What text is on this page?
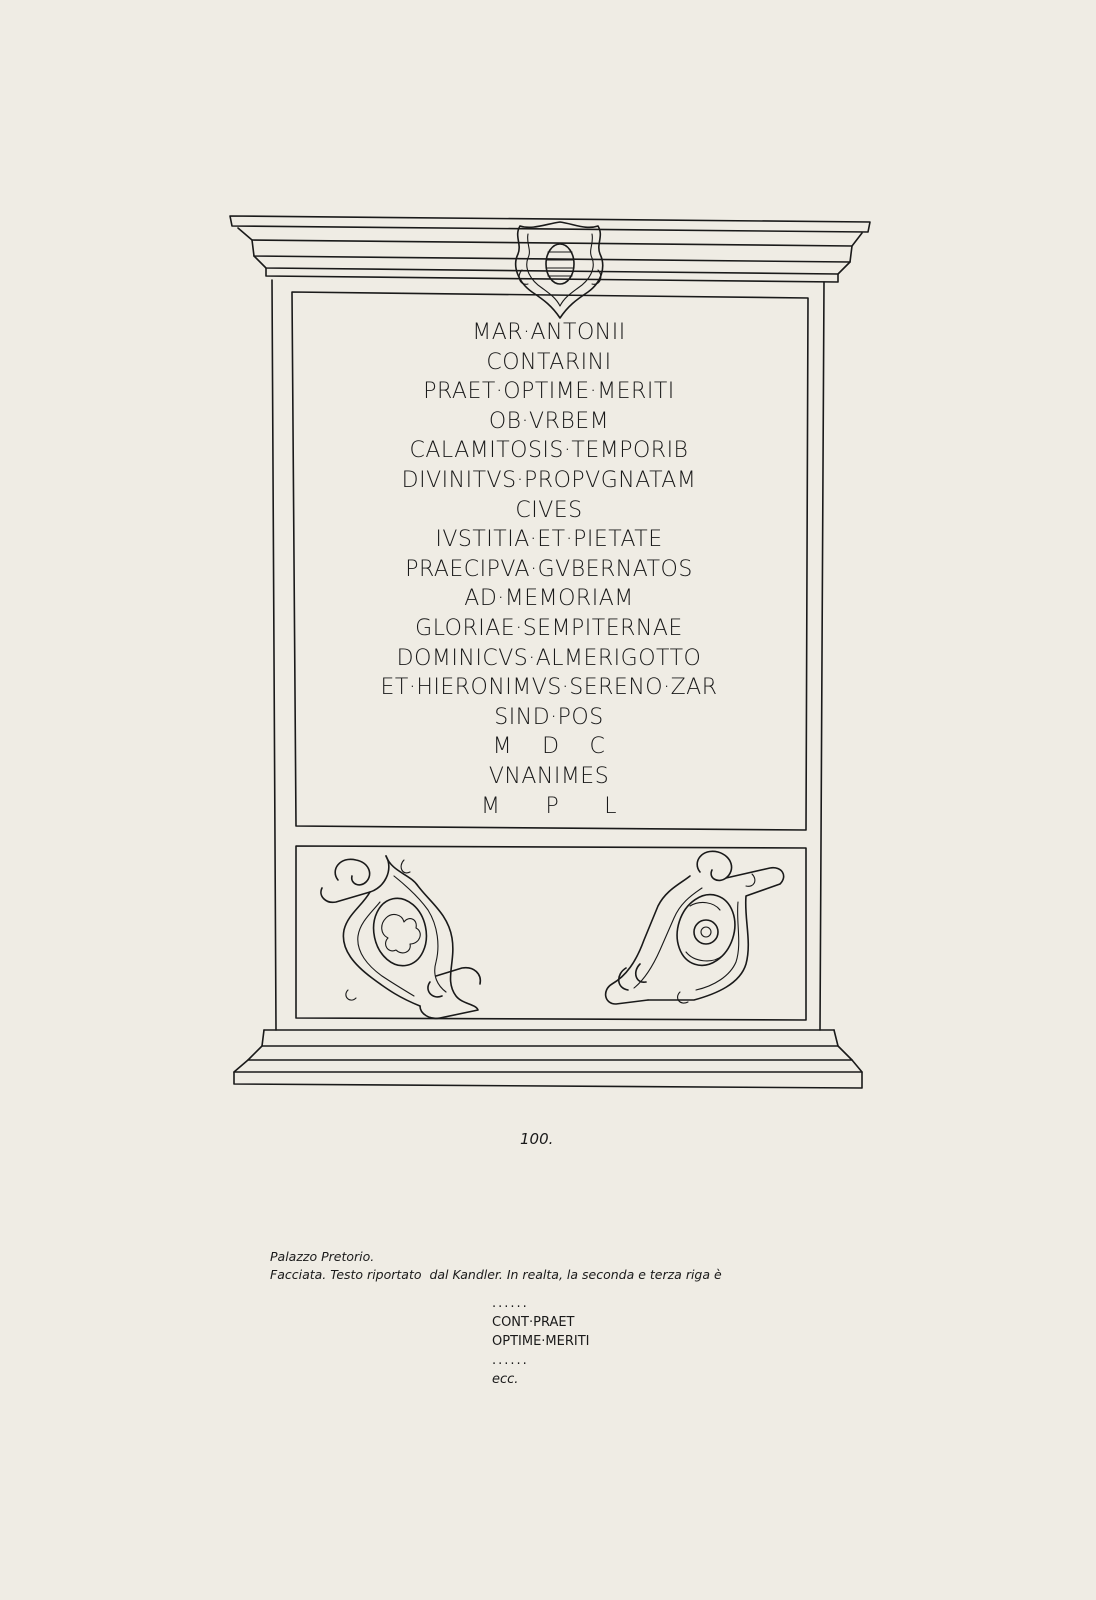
MAR·ANTONII
CONTARINI
PRAET·OPTIME·MERITI
OB·VRBEM
CALAMITOSIS·TEMPORIB
DIVINITVS·PROPVGNATAM
CIVES
IVSTITIA·ET·PIETATE
PRAECIPVA·GVBERNATOS
AD·MEMORIAM
GLORIAE·SEMPITERNAE
DOMINICVS·ALMERIGOTTO
ET·HIERONIMVS·SERENO·ZAR
SIND·POS
M    D    C
VNANIMES
M      P      L
100.
Palazzo Pretorio.
Facciata. Testo riportato  dal Kandler. In realta, la seconda e terza riga è
......
CONT·PRAET
OPTIME·MERITI
......
ecc.
